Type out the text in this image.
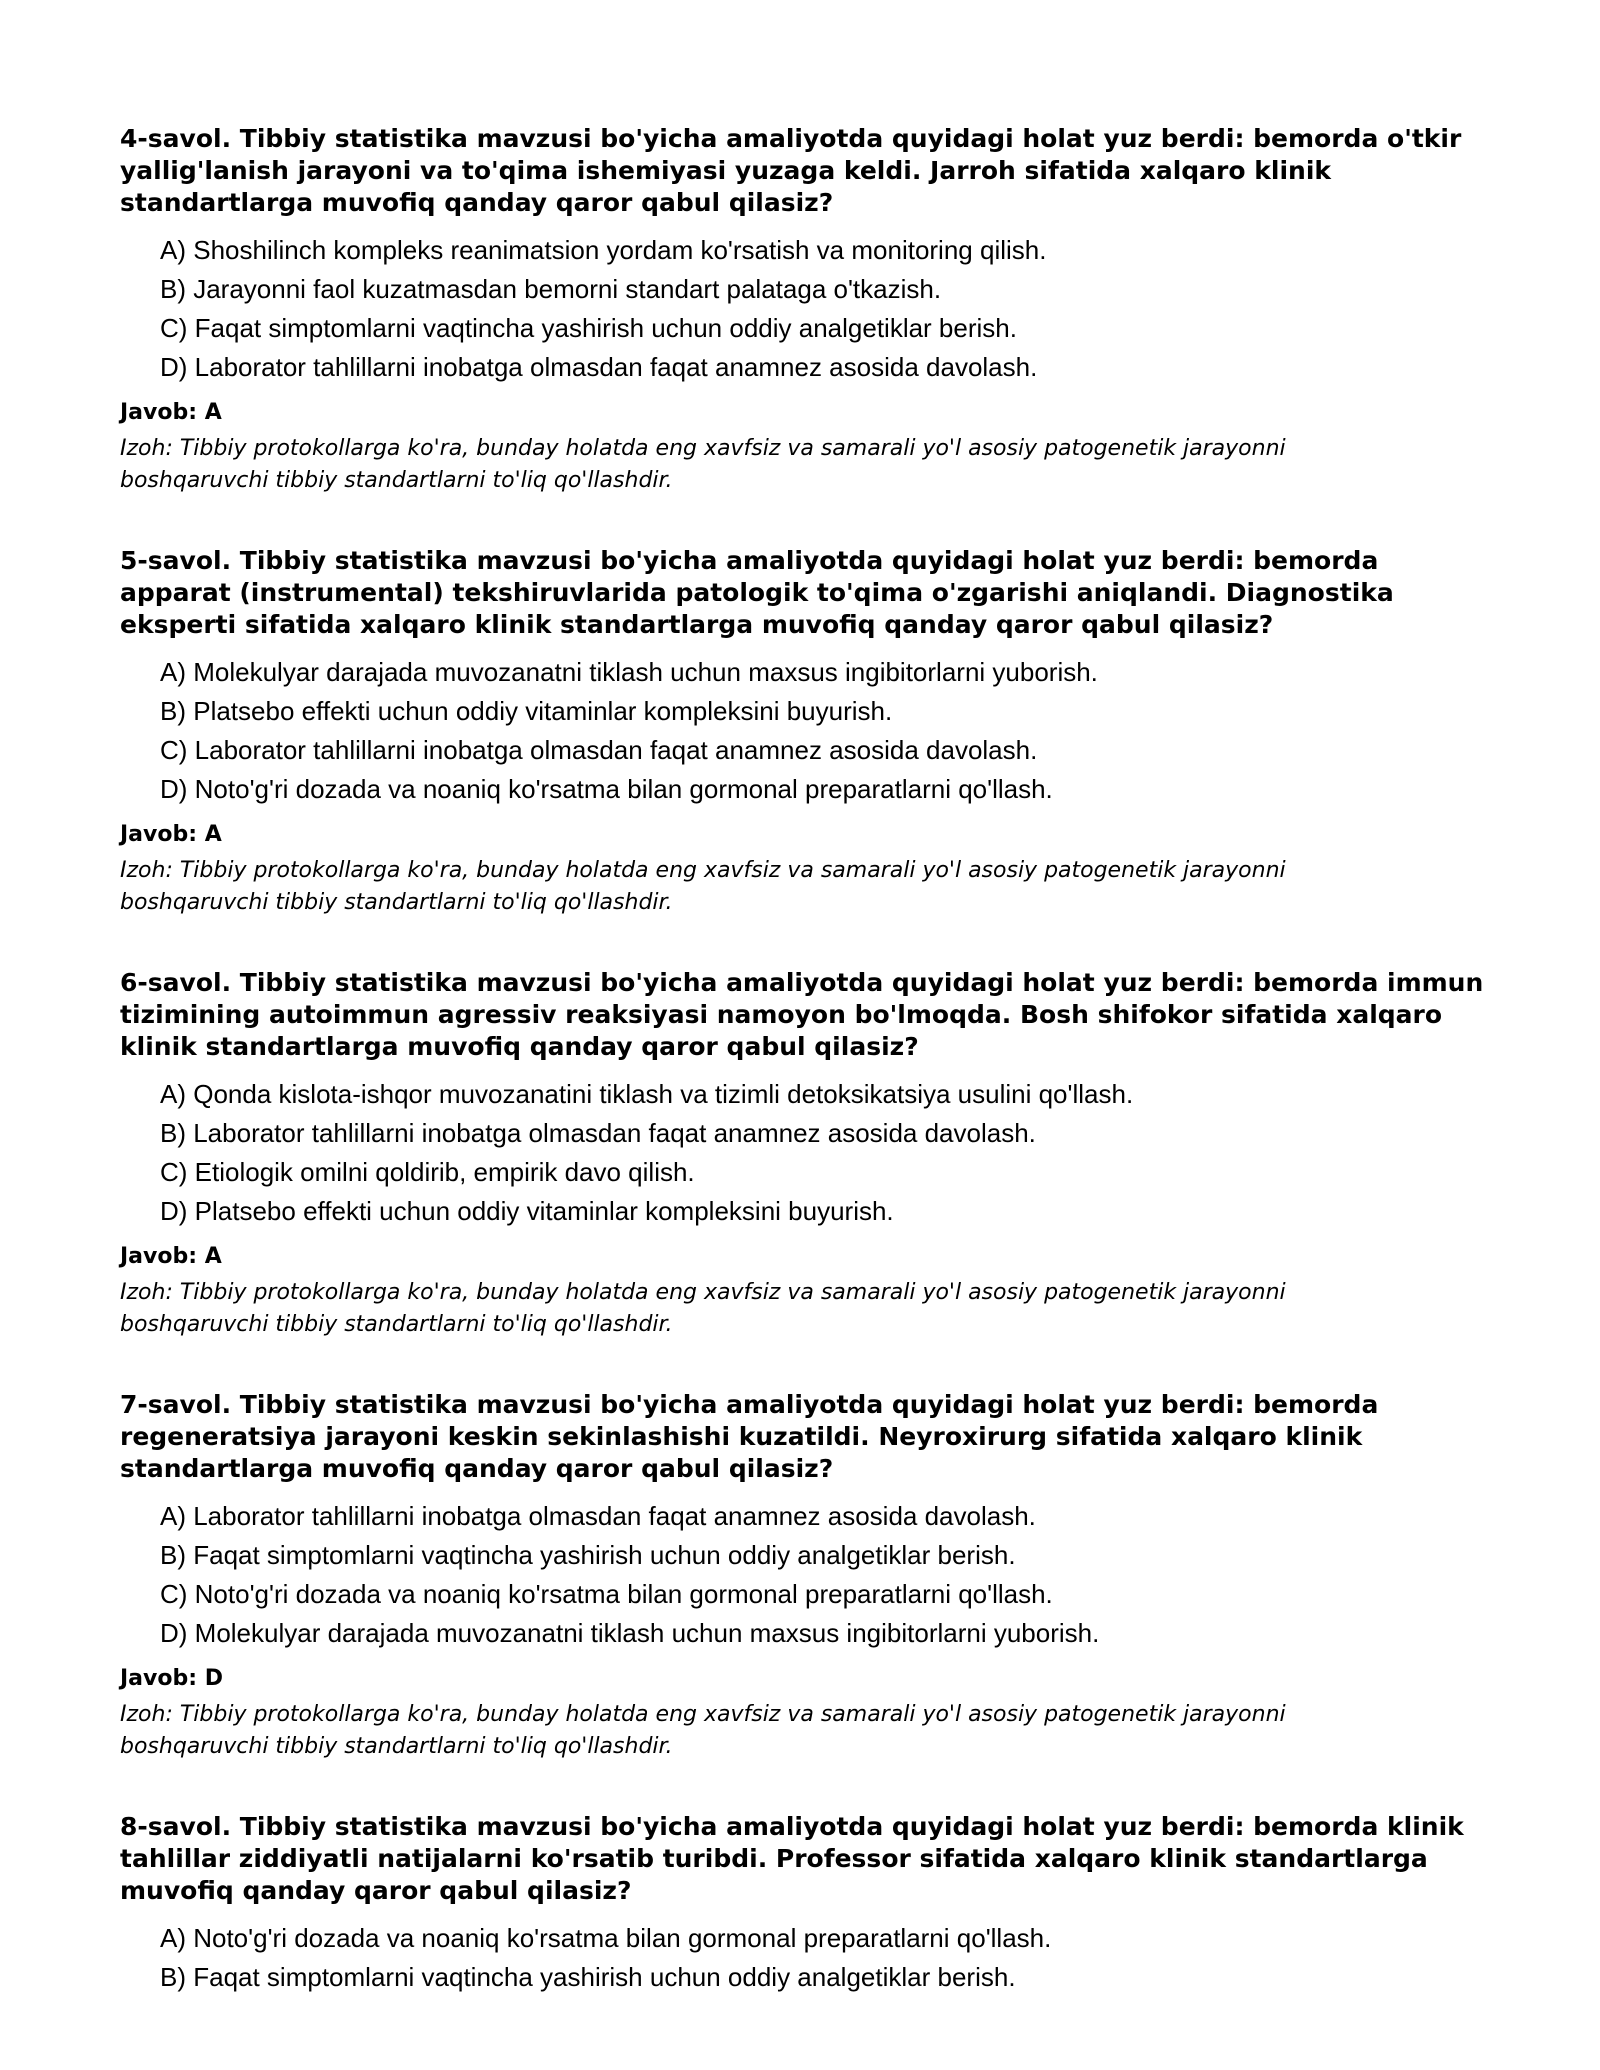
4-savol. Tibbiy statistika mavzusi bo'yicha amaliyotda quyidagi holat yuz berdi: bemorda o'tkir yallig'lanish jarayoni va to'qima ishemiyasi yuzaga keldi. Jarroh sifatida xalqaro klinik standartlarga muvofiq qanday qaror qabul qilasiz?

A) Shoshilinch kompleks reanimatsion yordam ko'rsatish va monitoring qilish.
B) Jarayonni faol kuzatmasdan bemorni standart palataga o'tkazish.
C) Faqat simptomlarni vaqtincha yashirish uchun oddiy analgetiklar berish.
D) Laborator tahlillarni inobatga olmasdan faqat anamnez asosida davolash.

Javob: A

Izoh: Tibbiy protokollarga ko'ra, bunday holatda eng xavfsiz va samarali yo'l asosiy patogenetik jarayonni boshqaruvchi tibbiy standartlarni to'liq qo'llashdir.

5-savol. Tibbiy statistika mavzusi bo'yicha amaliyotda quyidagi holat yuz berdi: bemorda apparat (instrumental) tekshiruvlarida patologik to'qima o'zgarishi aniqlandi. Diagnostika eksperti sifatida xalqaro klinik standartlarga muvofiq qanday qaror qabul qilasiz?

A) Molekulyar darajada muvozanatni tiklash uchun maxsus ingibitorlarni yuborish.
B) Platsebo effekti uchun oddiy vitaminlar kompleksini buyurish.
C) Laborator tahlillarni inobatga olmasdan faqat anamnez asosida davolash.
D) Noto'g'ri dozada va noaniq ko'rsatma bilan gormonal preparatlarni qo'llash.

Javob: A

Izoh: Tibbiy protokollarga ko'ra, bunday holatda eng xavfsiz va samarali yo'l asosiy patogenetik jarayonni boshqaruvchi tibbiy standartlarni to'liq qo'llashdir.

6-savol. Tibbiy statistika mavzusi bo'yicha amaliyotda quyidagi holat yuz berdi: bemorda immun tizimining autoimmun agressiv reaksiyasi namoyon bo'lmoqda. Bosh shifokor sifatida xalqaro klinik standartlarga muvofiq qanday qaror qabul qilasiz?

A) Qonda kislota-ishqor muvozanatini tiklash va tizimli detoksikatsiya usulini qo'llash.
B) Laborator tahlillarni inobatga olmasdan faqat anamnez asosida davolash.
C) Etiologik omilni qoldirib, empirik davo qilish.
D) Platsebo effekti uchun oddiy vitaminlar kompleksini buyurish.

Javob: A

Izoh: Tibbiy protokollarga ko'ra, bunday holatda eng xavfsiz va samarali yo'l asosiy patogenetik jarayonni boshqaruvchi tibbiy standartlarni to'liq qo'llashdir.

7-savol. Tibbiy statistika mavzusi bo'yicha amaliyotda quyidagi holat yuz berdi: bemorda regeneratsiya jarayoni keskin sekinlashishi kuzatildi. Neyroxirurg sifatida xalqaro klinik standartlarga muvofiq qanday qaror qabul qilasiz?

A) Laborator tahlillarni inobatga olmasdan faqat anamnez asosida davolash.
B) Faqat simptomlarni vaqtincha yashirish uchun oddiy analgetiklar berish.
C) Noto'g'ri dozada va noaniq ko'rsatma bilan gormonal preparatlarni qo'llash.
D) Molekulyar darajada muvozanatni tiklash uchun maxsus ingibitorlarni yuborish.

Javob: D

Izoh: Tibbiy protokollarga ko'ra, bunday holatda eng xavfsiz va samarali yo'l asosiy patogenetik jarayonni boshqaruvchi tibbiy standartlarni to'liq qo'llashdir.

8-savol. Tibbiy statistika mavzusi bo'yicha amaliyotda quyidagi holat yuz berdi: bemorda klinik tahlillar ziddiyatli natijalarni ko'rsatib turibdi. Professor sifatida xalqaro klinik standartlarga muvofiq qanday qaror qabul qilasiz?

A) Noto'g'ri dozada va noaniq ko'rsatma bilan gormonal preparatlarni qo'llash.
B) Faqat simptomlarni vaqtincha yashirish uchun oddiy analgetiklar berish.
